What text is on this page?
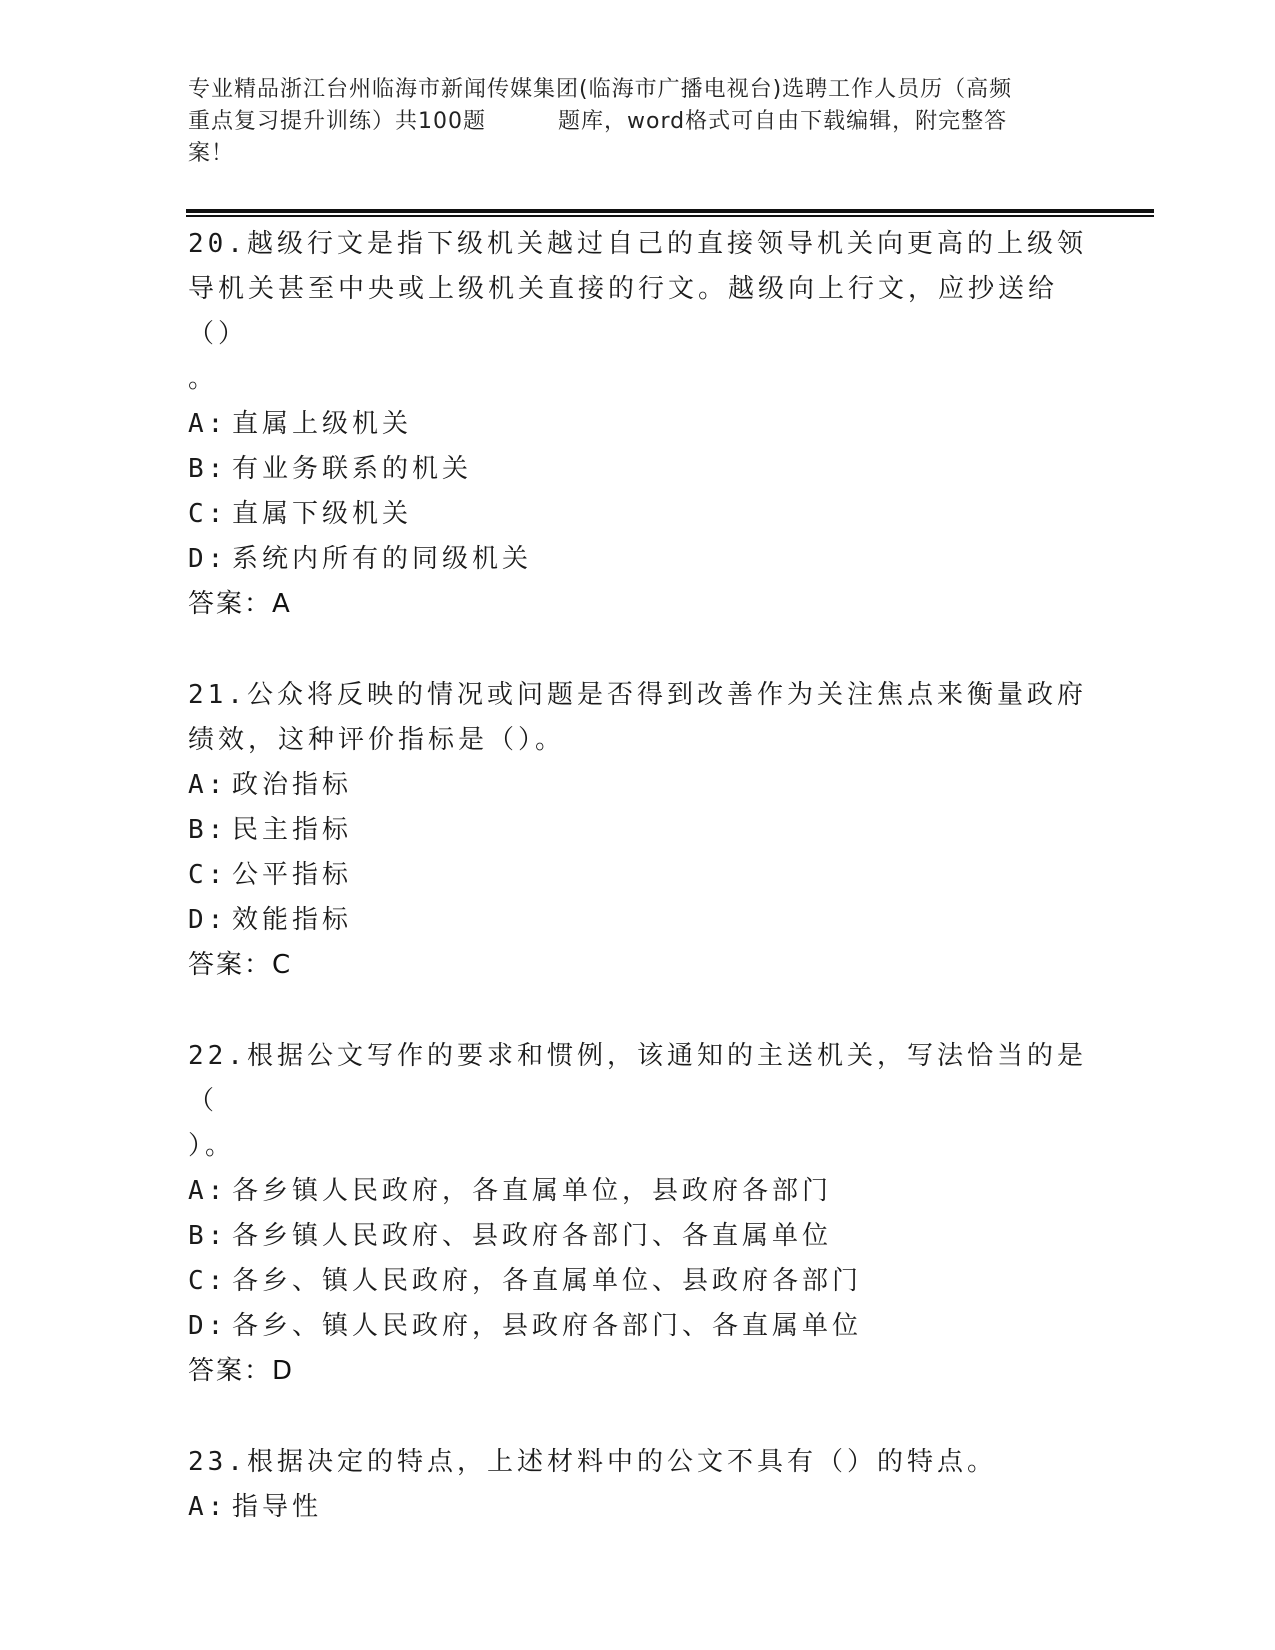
专业精品浙江台州临海市新闻传媒集团(临海市广播电视台)选聘工作人员历（高频
重点复习提升训练）共100题	题库，word格式可自由下载编辑，附完整答
案！

20.越级行文是指下级机关越过自己的直接领导机关向更高的上级领导机关甚至中央或上级机关直接的行文。越级向上行文，应抄送给（）

。

A: 直属上级机关

B: 有业务联系的机关

C: 直属下级机关

D: 系统内所有的同级机关

答案：A

21.公众将反映的情况或问题是否得到改善作为关注焦点来衡量政府绩效，这种评价指标是（）。

A: 政治指标

B: 民主指标

C: 公平指标

D: 效能指标

答案：C

22.根据公文写作的要求和惯例，该通知的主送机关，写法恰当的是（

）。

A: 各乡镇人民政府，各直属单位，县政府各部门

B: 各乡镇人民政府、县政府各部门、各直属单位

C: 各乡、镇人民政府，各直属单位、县政府各部门

D: 各乡、镇人民政府，县政府各部门、各直属单位

答案：D

23.根据决定的特点，上述材料中的公文不具有（）的特点。

A: 指导性
